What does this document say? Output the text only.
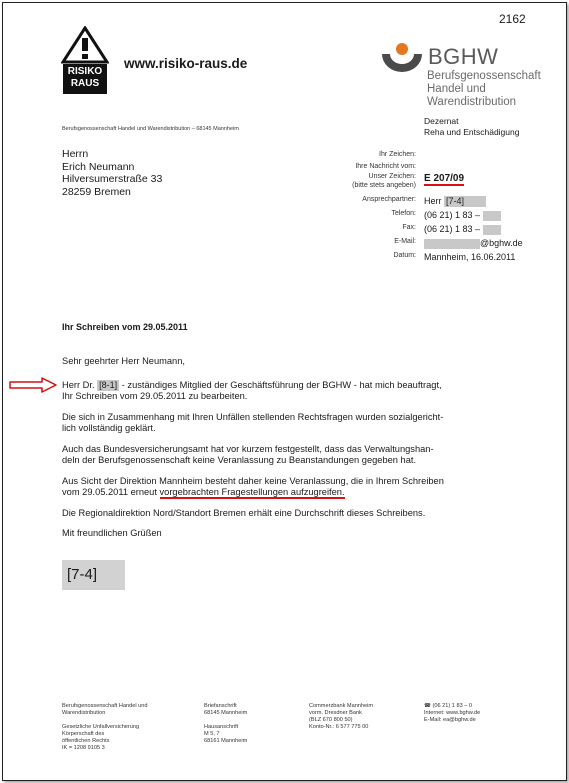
2162
RISIKO
RAUS
www.risiko-raus.de	BGHW
Berufsgenossenschaft
Handel und
Warendistribution
Dezernat
Reha und Entschädigung
Berufsgenossenschaft Handel und Warendistribution – 68145 Mannheim
Herrn
Erich Neumann
Hilversumerstraße 33
28259 Bremen
Ihr Zeichen:
Ihre Nachricht vom:
Unser Zeichen:
(bitte stets angeben)
Ansprechpartner:
Telefon:
Fax:
E-Mail:
Datum:
E 207/09
Herr [7-4]
(06 21) 1 83 –
(06 21) 1 83 –
@bghw.de
Mannheim, 16.06.2011
Ihr Schreiben vom 29.05.2011

Sehr geehrter Herr Neumann,

Herr Dr. [8-1] - zuständiges Mitglied der Geschäftsführung der BGHW - hat mich beauftragt,
Ihr Schreiben vom 29.05.2011 zu bearbeiten.

Die sich in Zusammenhang mit Ihren Unfällen stellenden Rechtsfragen wurden sozialgericht-
lich vollständig geklärt.

Auch das Bundesversicherungsamt hat vor kurzem festgestellt, dass das Verwaltungshan-
deln der Berufsgenossenschaft keine Veranlassung zu Beanstandungen gegeben hat.

Aus Sicht der Direktion Mannheim besteht daher keine Veranlassung, die in Ihrem Schreiben
vom 29.05.2011 erneut vorgebrachten Fragestellungen aufzugreifen.

Die Regionaldirektion Nord/Standort Bremen erhält eine Durchschrift dieses Schreibens.

Mit freundlichen Grüßen

[7-4]
Berufsgenossenschaft Handel und
Warendistribution
Gesetzliche Unfallversicherung
Körperschaft des
öffentlichen Rechts
IK = 1208 9105 3
Briefanschrift
68145 Mannheim
Hausanschrift
M 5, 7
68161 Mannheim
Commerzbank Mannheim
vorm. Dresdner Bank
(BLZ 670 800 50)
Konto-Nr.: 6 577 775 00
☎ (06 21) 1 83 – 0
Internet: www.bghw.de
E-Mail: ea@bghw.de
